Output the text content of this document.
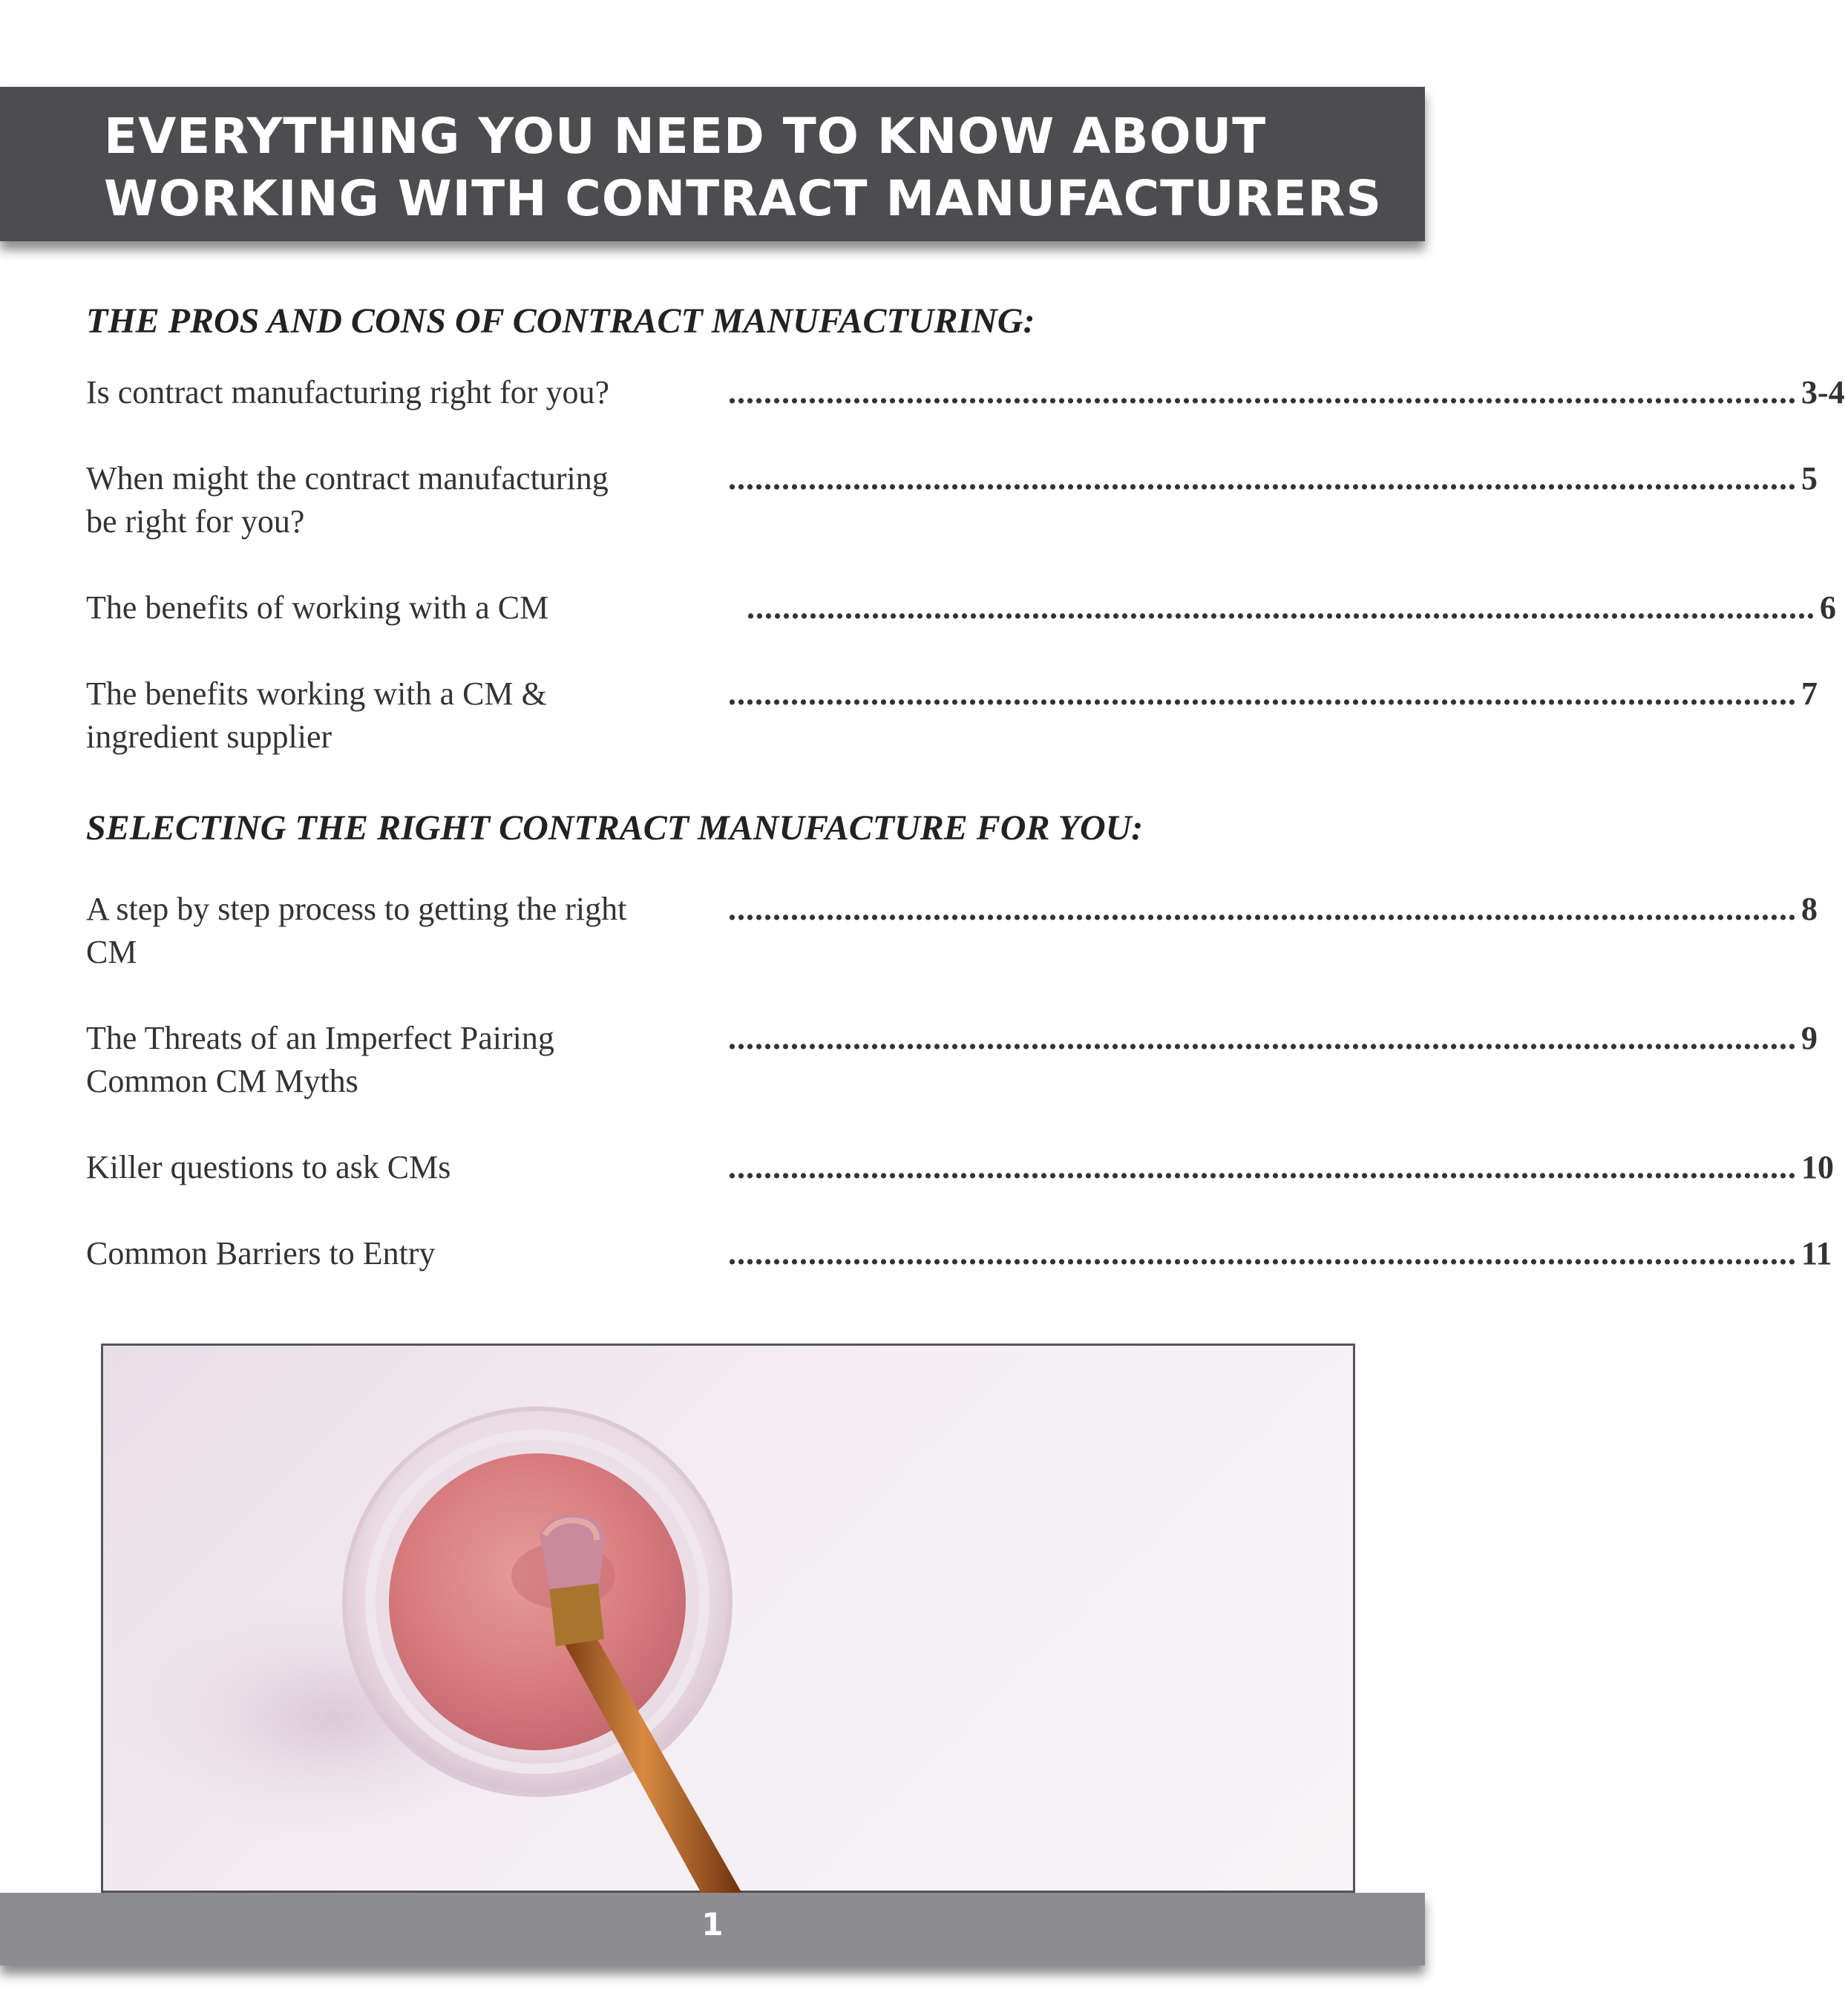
EVERYTHING YOU NEED TO KNOW ABOUT
WORKING WITH CONTRACT MANUFACTURERS
THE PROS AND CONS OF CONTRACT MANUFACTURING:
Is contract manufacturing right for you?	........................................................................................................................ 3-4
When might the contract manufacturing
be right for you?
........................................................................................................................ 5
The benefits of working with a CM	........................................................................................................................ 6
The benefits working with a CM &
ingredient supplier
........................................................................................................................ 7
SELECTING THE RIGHT CONTRACT MANUFACTURE FOR YOU:
A step by step process to getting the right
CM
........................................................................................................................ 8
The Threats of an Imperfect Pairing
Common CM Myths
........................................................................................................................ 9
Killer questions to ask CMs	........................................................................................................................ 10
Common Barriers to Entry	........................................................................................................................ 11
1
